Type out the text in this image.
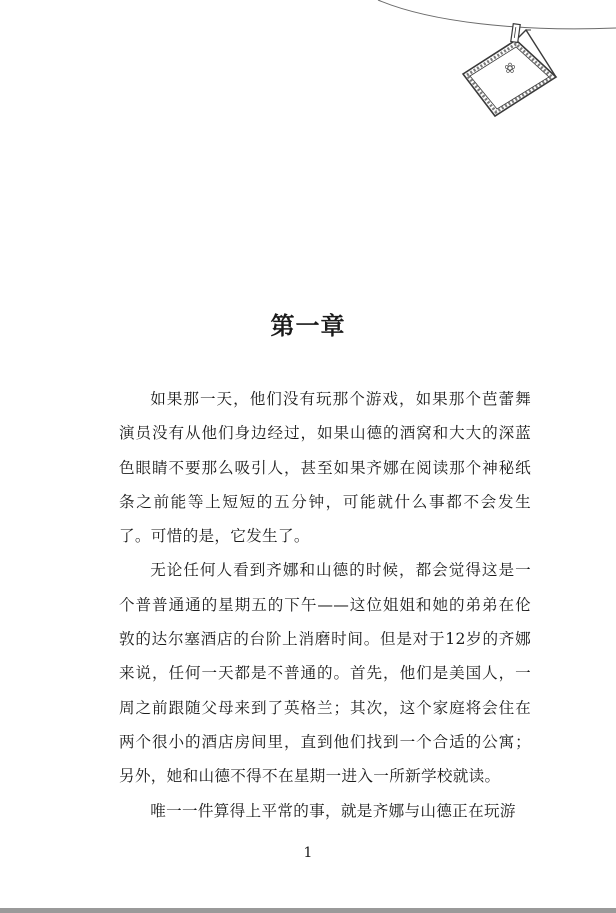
第一章

如果那一天，他们没有玩那个游戏，如果那个芭蕾舞演员没有从他们身边经过，如果山德的酒窝和大大的深蓝色眼睛不要那么吸引人，甚至如果齐娜在阅读那个神秘纸条之前能等上短短的五分钟，可能就什么事都不会发生了。可惜的是，它发生了。

无论任何人看到齐娜和山德的时候，都会觉得这是一个普普通通的星期五的下午——这位姐姐和她的弟弟在伦敦的达尔塞酒店的台阶上消磨时间。但是对于12岁的齐娜来说，任何一天都是不普通的。首先，他们是美国人，一周之前跟随父母来到了英格兰；其次，这个家庭将会住在两个很小的酒店房间里，直到他们找到一个合适的公寓；另外，她和山德不得不在星期一进入一所新学校就读。

唯一一件算得上平常的事，就是齐娜与山德正在玩游

1
